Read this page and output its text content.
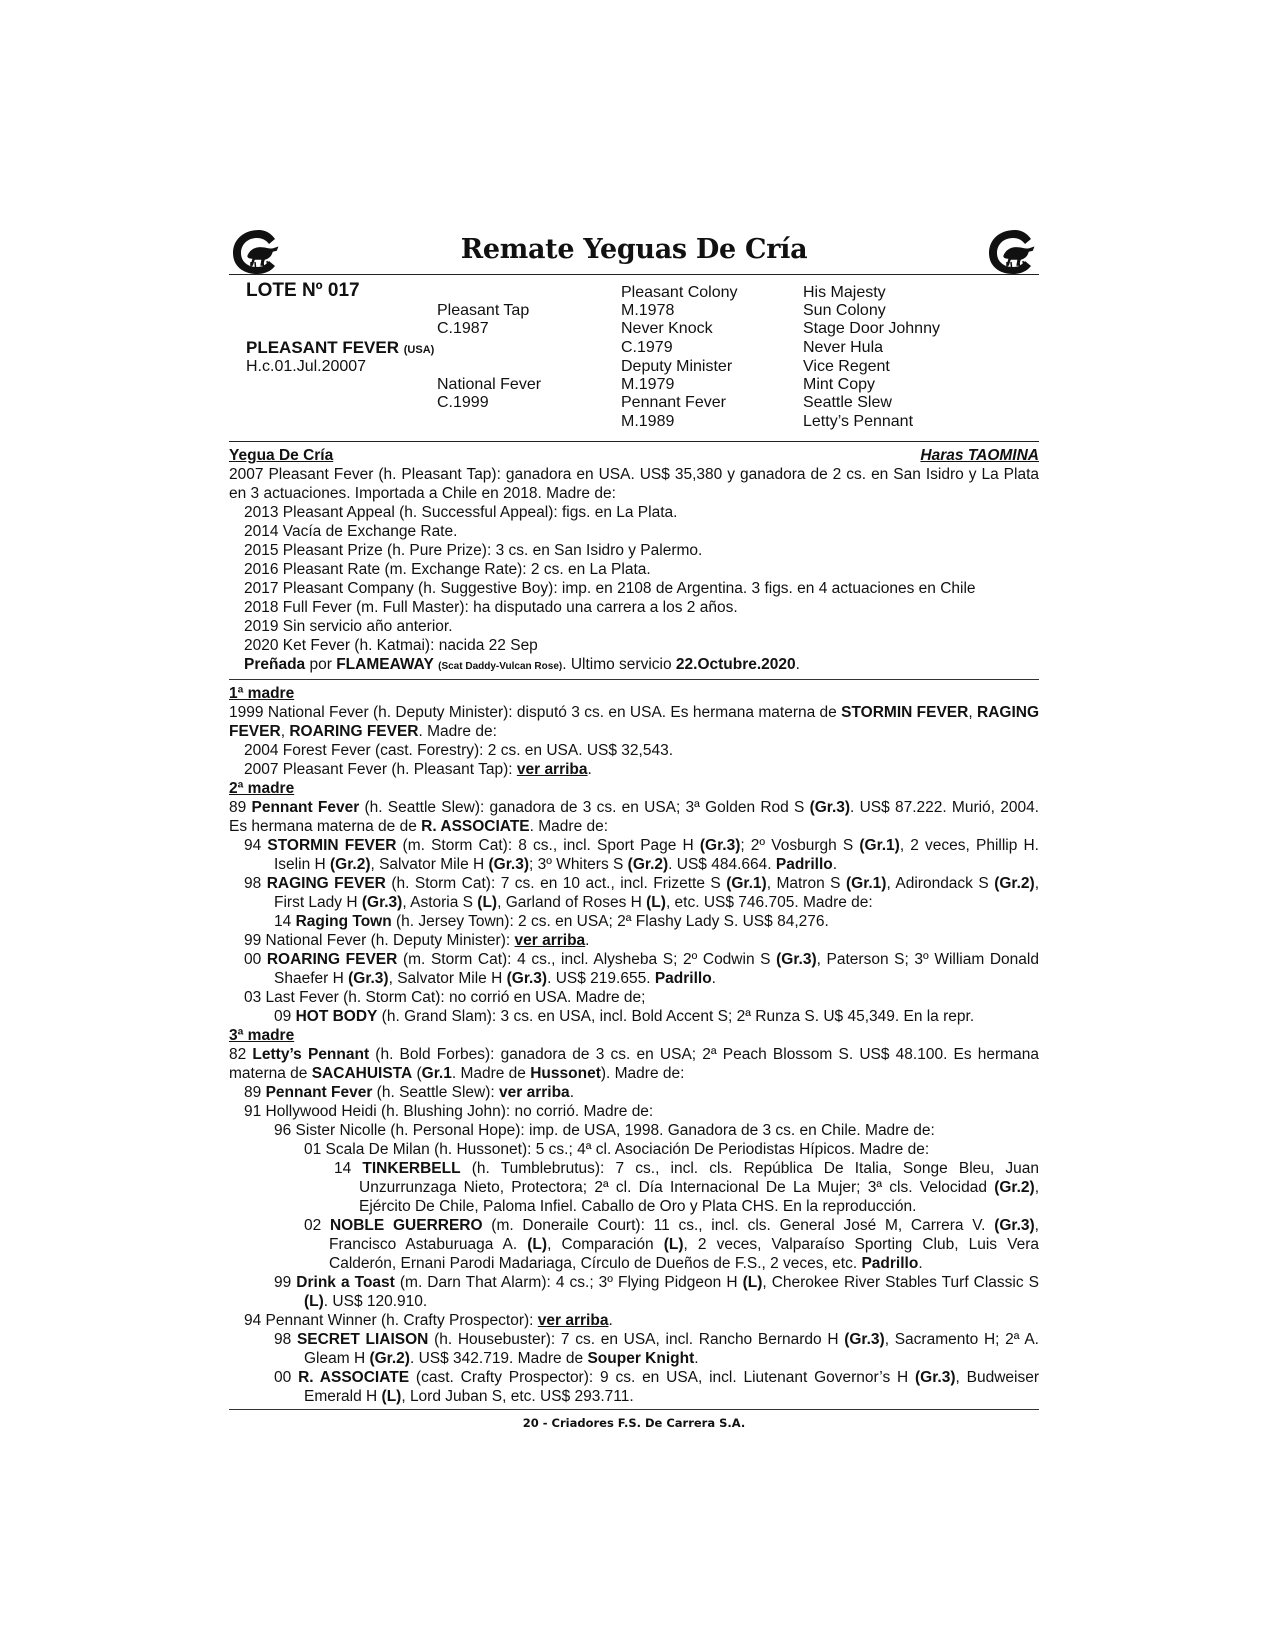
Remate Yeguas De Cría
LOTE Nº 017
PLEASANT FEVER (USA)
H.c.01.Jul.20007
Pleasant Tap
C.1987
National Fever
C.1999
Pleasant Colony
M.1978
Never Knock
C.1979
Deputy Minister
M.1979
Pennant Fever
M.1989
His Majesty
Sun Colony
Stage Door Johnny
Never Hula
Vice Regent
Mint Copy
Seattle Slew
Letty’s Pennant
Yegua De Cría	Haras TAOMINA
2007 Pleasant Fever (h. Pleasant Tap): ganadora en USA. US$ 35,380 y ganadora de 2 cs. en San Isidro y La Plata en 3 actuaciones. Importada a Chile en 2018. Madre de:
2013 Pleasant Appeal (h. Successful Appeal): figs. en La Plata.
2014 Vacía de Exchange Rate.
2015 Pleasant Prize (h. Pure Prize): 3 cs. en San Isidro y Palermo.
2016 Pleasant Rate (m. Exchange Rate): 2 cs. en La Plata.
2017 Pleasant Company (h. Suggestive Boy): imp. en 2108 de Argentina. 3 figs. en 4 actuaciones en Chile
2018 Full Fever (m. Full Master): ha disputado una carrera a los 2 años.
2019 Sin servicio año anterior.
2020 Ket Fever (h. Katmai): nacida 22 Sep
Preñada por FLAMEAWAY (Scat Daddy-Vulcan Rose). Ultimo servicio 22.Octubre.2020.
1ª madre
1999 National Fever (h. Deputy Minister): disputó 3 cs. en USA. Es hermana materna de STORMIN FEVER, RAGING FEVER, ROARING FEVER. Madre de:
2004 Forest Fever (cast. Forestry): 2 cs. en USA. US$ 32,543.
2007 Pleasant Fever (h. Pleasant Tap): ver arriba.
2ª madre
89 Pennant Fever (h. Seattle Slew): ganadora de 3 cs. en USA; 3ª Golden Rod S (Gr.3). US$ 87.222. Murió, 2004. Es hermana materna de de R. ASSOCIATE. Madre de:
94 STORMIN FEVER (m. Storm Cat): 8 cs., incl. Sport Page H (Gr.3); 2º Vosburgh S (Gr.1), 2 veces, Phillip H. Iselin H (Gr.2), Salvator Mile H (Gr.3); 3º Whiters S (Gr.2). US$ 484.664. Padrillo.
98 RAGING FEVER (h. Storm Cat): 7 cs. en 10 act., incl. Frizette S (Gr.1), Matron S (Gr.1), Adirondack S (Gr.2), First Lady H (Gr.3), Astoria S (L), Garland of Roses H (L), etc. US$ 746.705. Madre de:
14 Raging Town (h. Jersey Town): 2 cs. en USA; 2ª Flashy Lady S. US$ 84,276.
99 National Fever (h. Deputy Minister): ver arriba.
00 ROARING FEVER (m. Storm Cat): 4 cs., incl. Alysheba S; 2º Codwin S (Gr.3), Paterson S; 3º William Donald Shaefer H (Gr.3), Salvator Mile H (Gr.3). US$ 219.655. Padrillo.
03 Last Fever (h. Storm Cat): no corrió en USA. Madre de;
09 HOT BODY (h. Grand Slam): 3 cs. en USA, incl. Bold Accent S; 2ª Runza S. U$ 45,349. En la repr.
3ª madre
82 Letty’s Pennant (h. Bold Forbes): ganadora de 3 cs. en USA; 2ª Peach Blossom S. US$ 48.100. Es hermana materna de SACAHUISTA (Gr.1. Madre de Hussonet). Madre de:
89 Pennant Fever (h. Seattle Slew): ver arriba.
91 Hollywood Heidi (h. Blushing John): no corrió. Madre de:
96 Sister Nicolle (h. Personal Hope): imp. de USA, 1998. Ganadora de 3 cs. en Chile. Madre de:
01 Scala De Milan (h. Hussonet): 5 cs.; 4ª cl. Asociación De Periodistas Hípicos. Madre de:
14 TINKERBELL (h. Tumblebrutus): 7 cs., incl. cls. República De Italia, Songe Bleu, Juan Unzurrunzaga Nieto, Protectora; 2ª cl. Día Internacional De La Mujer; 3ª cls. Velocidad (Gr.2), Ejército De Chile, Paloma Infiel. Caballo de Oro y Plata CHS. En la reproducción.
02 NOBLE GUERRERO (m. Doneraile Court): 11 cs., incl. cls. General José M, Carrera V. (Gr.3), Francisco Astaburuaga A. (L), Comparación (L), 2 veces, Valparaíso Sporting Club, Luis Vera Calderón, Ernani Parodi Madariaga, Círculo de Dueños de F.S., 2 veces, etc. Padrillo.
99 Drink a Toast (m. Darn That Alarm): 4 cs.; 3º Flying Pidgeon H (L), Cherokee River Stables Turf Classic S (L). US$ 120.910.
94 Pennant Winner (h. Crafty Prospector): ver arriba.
98 SECRET LIAISON (h. Housebuster): 7 cs. en USA, incl. Rancho Bernardo H (Gr.3), Sacramento H; 2ª A. Gleam H (Gr.2). US$ 342.719. Madre de Souper Knight.
00 R. ASSOCIATE (cast. Crafty Prospector): 9 cs. en USA, incl. Liutenant Governor’s H (Gr.3), Budweiser Emerald H (L), Lord Juban S, etc. US$ 293.711.
20 - Criadores F.S. De Carrera S.A.
